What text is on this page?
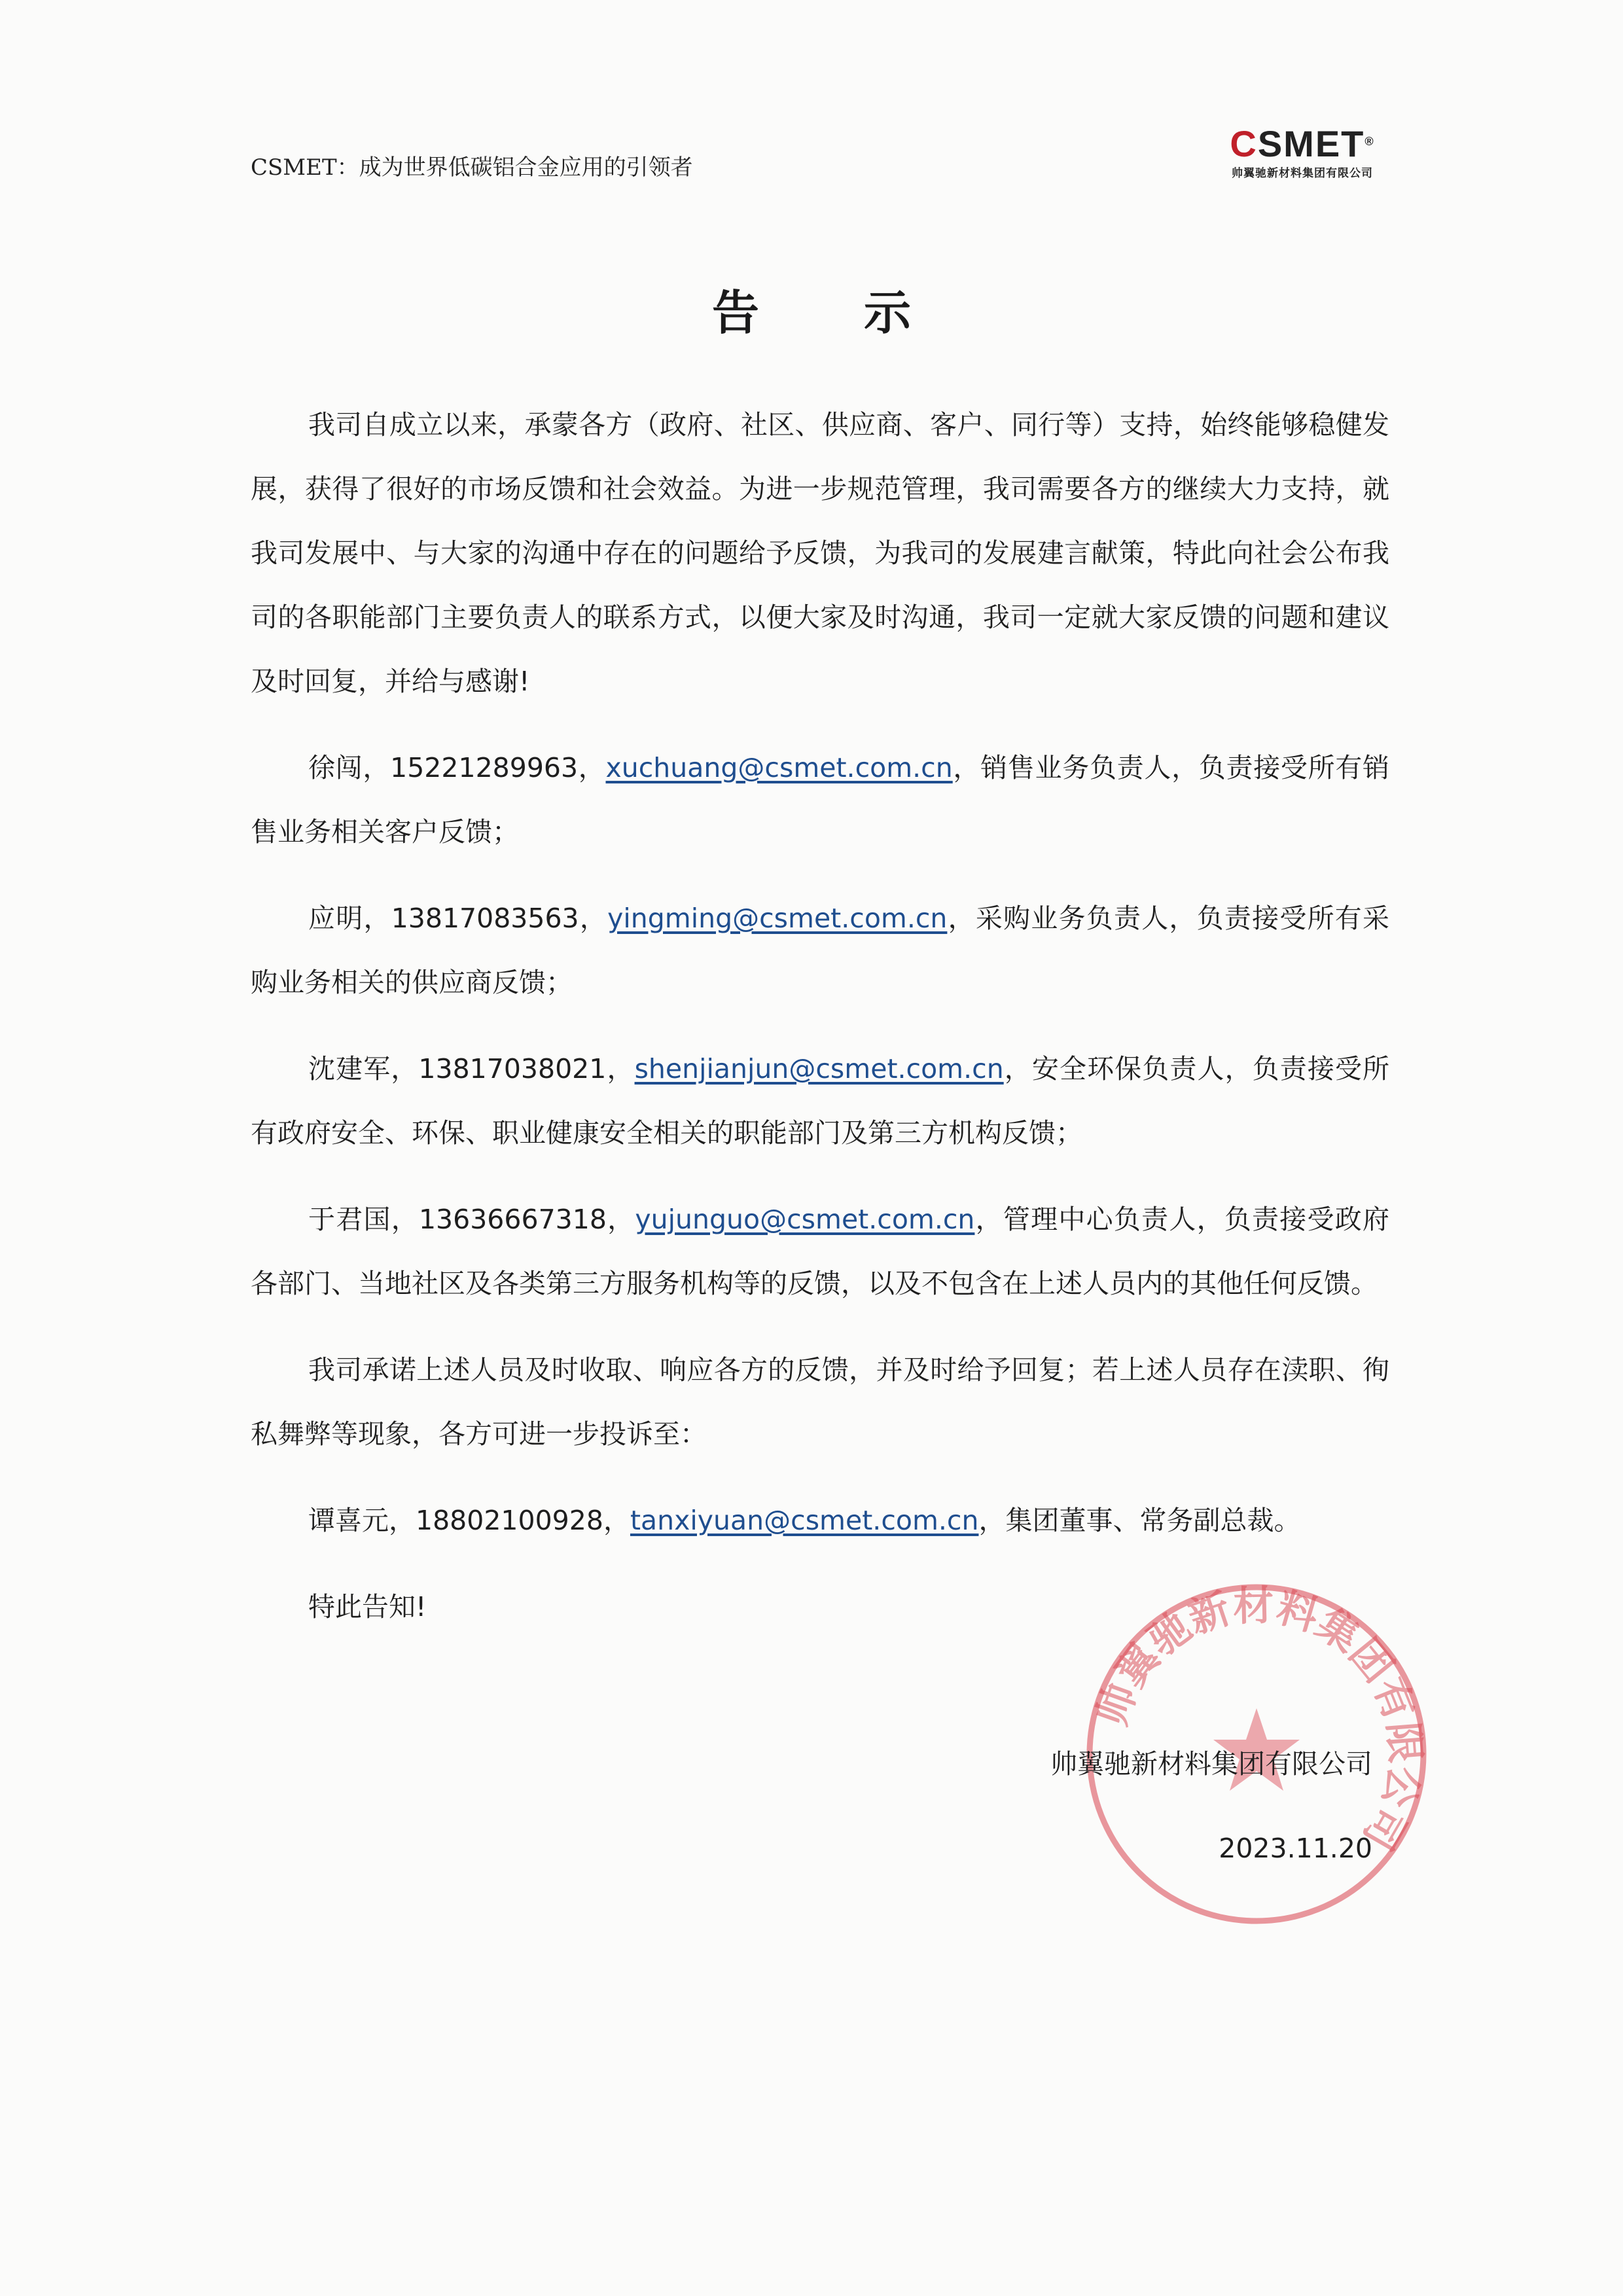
CSMET：成为世界低碳铝合金应用的引领者
CSMET®
帅翼驰新材料集团有限公司
告示

我司自成立以来，承蒙各方（政府、社区、供应商、客户、同行等）支持，始终能够稳健发展，获得了很好的市场反馈和社会效益。为进一步规范管理，我司需要各方的继续大力支持，就我司发展中、与大家的沟通中存在的问题给予反馈，为我司的发展建言献策，特此向社会公布我司的各职能部门主要负责人的联系方式，以便大家及时沟通，我司一定就大家反馈的问题和建议及时回复，并给与感谢!

徐闯，15221289963，xuchuang@csmet.com.cn，销售业务负责人，负责接受所有销售业务相关客户反馈；

应明，13817083563，yingming@csmet.com.cn，采购业务负责人，负责接受所有采购业务相关的供应商反馈；

沈建军，13817038021，shenjianjun@csmet.com.cn，安全环保负责人，负责接受所有政府安全、环保、职业健康安全相关的职能部门及第三方机构反馈；

于君国，13636667318，yujunguo@csmet.com.cn，管理中心负责人，负责接受政府各部门、当地社区及各类第三方服务机构等的反馈，以及不包含在上述人员内的其他任何反馈。

我司承诺上述人员及时收取、响应各方的反馈，并及时给予回复；若上述人员存在渎职、徇私舞弊等现象，各方可进一步投诉至：

谭喜元，18802100928，tanxiyuan@csmet.com.cn，集团董事、常务副总裁。

特此告知!

帅翼驰新材料集团有限公司
帅翼驰新材料集团有限公司
2023.11.20
